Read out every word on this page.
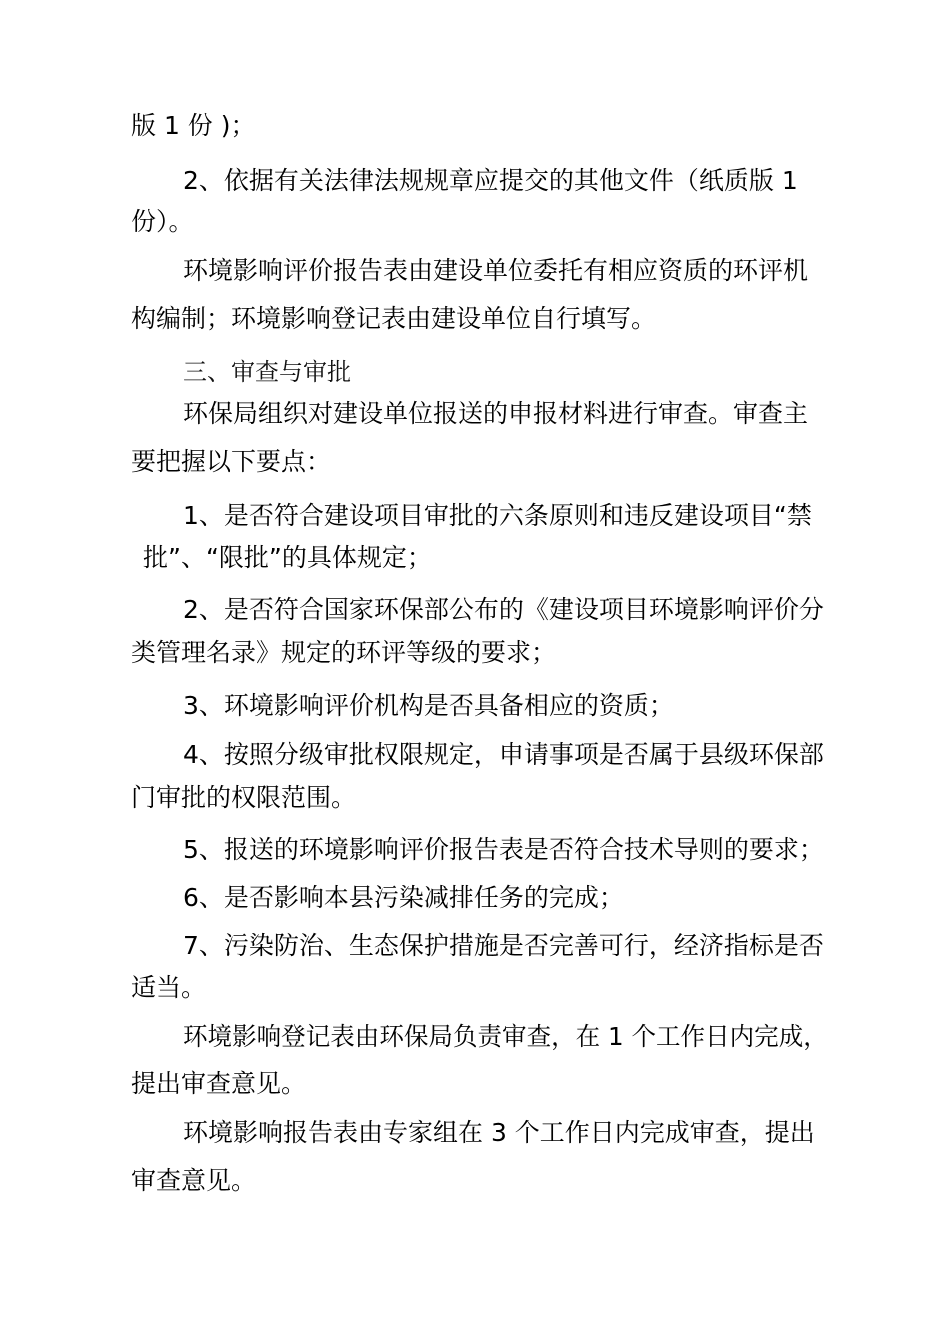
版 1 份 )；
2、依据有关法律法规规章应提交的其他文件（纸质版 1
份）。
环境影响评价报告表由建设单位委托有相应资质的环评机
构编制；环境影响登记表由建设单位自行填写。
三、审查与审批
环保局组织对建设单位报送的申报材料进行审查。审查主
要把握以下要点：
1、是否符合建设项目审批的六条原则和违反建设项目“禁
批”、“限批”的具体规定；
2、是否符合国家环保部公布的《建设项目环境影响评价分
类管理名录》规定的环评等级的要求；
3、环境影响评价机构是否具备相应的资质；
4、按照分级审批权限规定，申请事项是否属于县级环保部
门审批的权限范围。
5、报送的环境影响评价报告表是否符合技术导则的要求；
6、是否影响本县污染减排任务的完成；
7、污染防治、生态保护措施是否完善可行，经济指标是否
适当。
环境影响登记表由环保局负责审查，在 1 个工作日内完成，
提出审查意见。
环境影响报告表由专家组在 3 个工作日内完成审查，提出
审查意见。
